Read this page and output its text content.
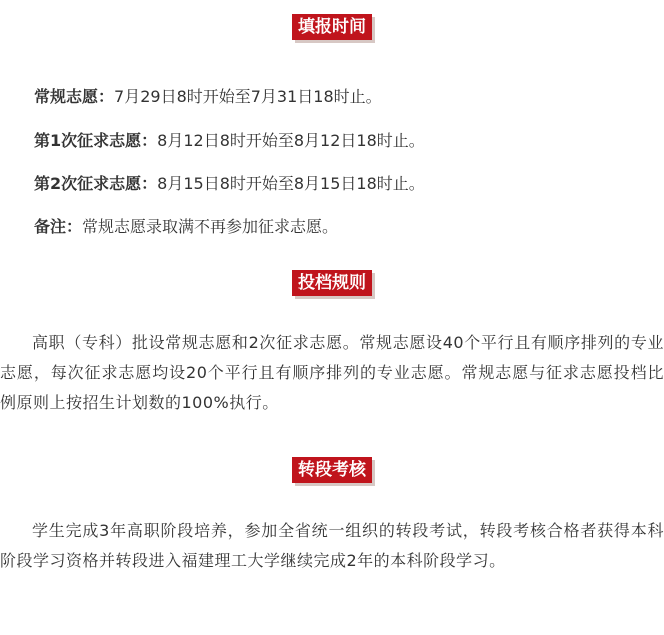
填报时间
常规志愿：7月29日8时开始至7月31日18时止。
第1次征求志愿：8月12日8时开始至8月12日18时止。
第2次征求志愿：8月15日8时开始至8月15日18时止。
备注：常规志愿录取满不再参加征求志愿。
投档规则
高职（专科）批设常规志愿和2次征求志愿。常规志愿设40个平行且有顺序排列的专业志愿，每次征求志愿均设20个平行且有顺序排列的专业志愿。常规志愿与征求志愿投档比例原则上按招生计划数的100%执行。
转段考核
学生完成3年高职阶段培养，参加全省统一组织的转段考试，转段考核合格者获得本科阶段学习资格并转段进入福建理工大学继续完成2年的本科阶段学习。
